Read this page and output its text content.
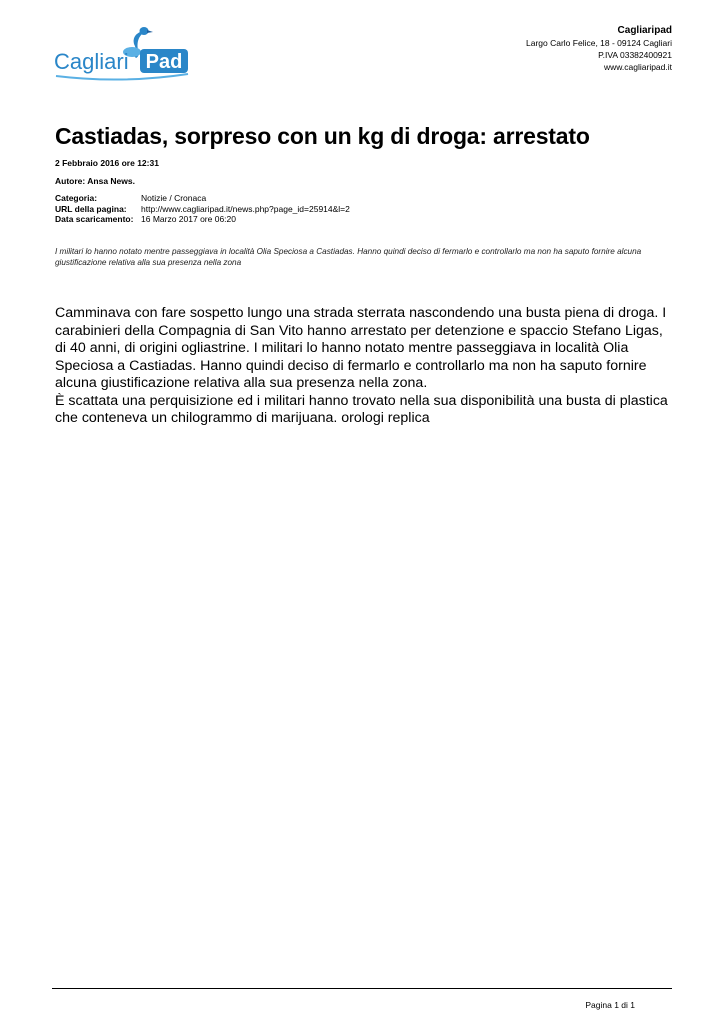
Pad
Cagliari
Cagliaripad
Largo Carlo Felice, 18 - 09124 Cagliari
P.IVA 03382400921
www.cagliaripad.it
Castiadas, sorpreso con un kg di droga: arrestato
2 Febbraio 2016 ore 12:31
Autore: Ansa News.
Categoria:	Notizie / Cronaca
URL della pagina:	http://www.cagliaripad.it/news.php?page_id=25914&l=2
Data scaricamento:	16 Marzo 2017 ore 06:20
I militari lo hanno notato mentre passeggiava in località Olia Speciosa a Castiadas. Hanno quindi deciso di fermarlo e controllarlo ma non ha saputo fornire alcuna giustificazione relativa alla sua presenza nella zona

Camminava con fare sospetto lungo una strada sterrata nascondendo una busta piena di droga. I carabinieri della Compagnia di San Vito hanno arrestato per detenzione e spaccio Stefano Ligas, di 40 anni, di origini ogliastrine. I militari lo hanno notato mentre passeggiava in località Olia Speciosa a Castiadas. Hanno quindi deciso di fermarlo e controllarlo ma non ha saputo fornire alcuna giustificazione relativa alla sua presenza nella zona.

È scattata una perquisizione ed i militari hanno trovato nella sua disponibilità una busta di plastica che conteneva un chilogrammo di marijuana. orologi replica

Pagina 1 di 1
